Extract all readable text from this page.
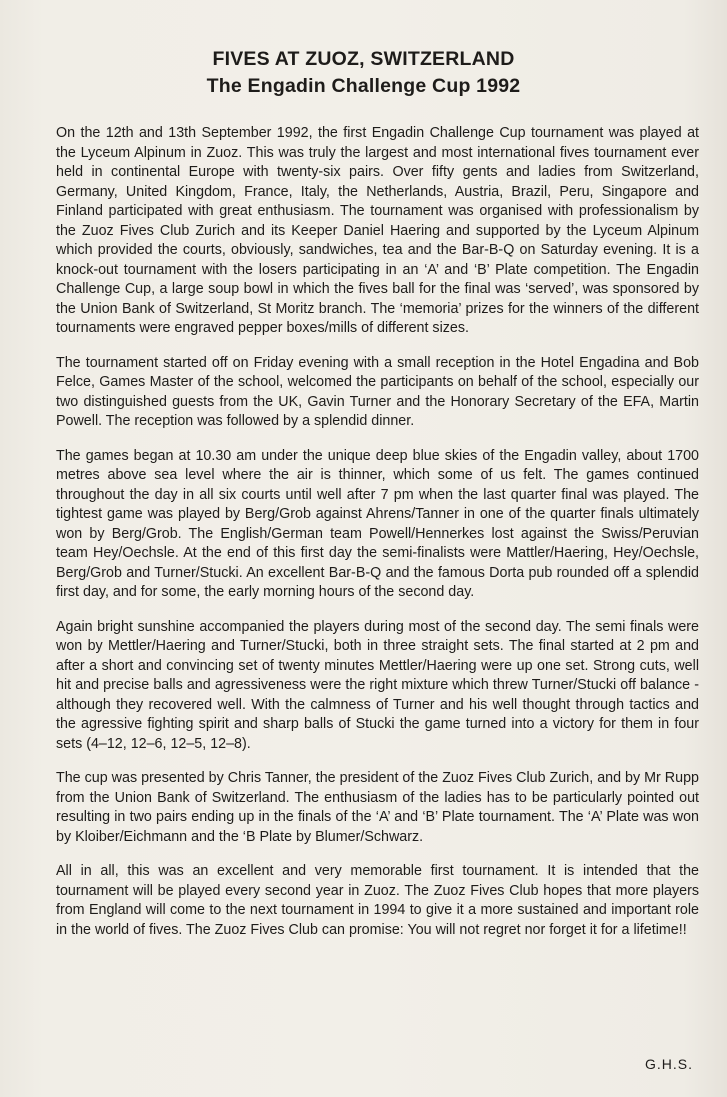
FIVES AT ZUOZ, SWITZERLAND
The Engadin Challenge Cup 1992

On the 12th and 13th September 1992, the first Engadin Challenge Cup tournament was played at the Lyceum Alpinum in Zuoz. This was truly the largest and most international fives tournament ever held in continental Europe with twenty-six pairs. Over fifty gents and ladies from Switzerland, Germany, United Kingdom, France, Italy, the Netherlands, Austria, Brazil, Peru, Singapore and Finland participated with great enthusiasm. The tournament was organised with professionalism by the Zuoz Fives Club Zurich and its Keeper Daniel Haering and supported by the Lyceum Alpinum which provided the courts, obviously, sandwiches, tea and the Bar-B-Q on Saturday evening. It is a knock-out tournament with the losers participating in an ‘A’ and ‘B’ Plate competition. The Engadin Challenge Cup, a large soup bowl in which the fives ball for the final was ‘served’, was sponsored by the Union Bank of Switzerland, St Moritz branch. The ‘memoria’ prizes for the winners of the different tournaments were engraved pepper boxes/mills of different sizes.

The tournament started off on Friday evening with a small reception in the Hotel Engadina and Bob Felce, Games Master of the school, welcomed the participants on behalf of the school, especially our two distinguished guests from the UK, Gavin Turner and the Honorary Secretary of the EFA, Martin Powell. The reception was followed by a splendid dinner.

The games began at 10.30 am under the unique deep blue skies of the Engadin valley, about 1700 metres above sea level where the air is thinner, which some of us felt. The games continued throughout the day in all six courts until well after 7 pm when the last quarter final was played. The tightest game was played by Berg/Grob against Ahrens/Tanner in one of the quarter finals ultimately won by Berg/Grob. The English/German team Powell/Hennerkes lost against the Swiss/Peruvian team Hey/Oechsle. At the end of this first day the semi-finalists were Mattler/Haering, Hey/Oechsle, Berg/Grob and Turner/Stucki. An excellent Bar-B-Q and the famous Dorta pub rounded off a splendid first day, and for some, the early morning hours of the second day.

Again bright sunshine accompanied the players during most of the second day. The semi finals were won by Mettler/Haering and Turner/Stucki, both in three straight sets. The final started at 2 pm and after a short and convincing set of twenty minutes Mettler/Haering were up one set. Strong cuts, well hit and precise balls and agressiveness were the right mixture which threw Turner/Stucki off balance - although they recovered well. With the calmness of Turner and his well thought through tactics and the agressive fighting spirit and sharp balls of Stucki the game turned into a victory for them in four sets (4–12, 12–6, 12–5, 12–8).

The cup was presented by Chris Tanner, the president of the Zuoz Fives Club Zurich, and by Mr Rupp from the Union Bank of Switzerland. The enthusiasm of the ladies has to be particularly pointed out resulting in two pairs ending up in the finals of the ‘A’ and ‘B’ Plate tournament. The ‘A’ Plate was won by Kloiber/Eichmann and the ‘B Plate by Blumer/Schwarz.

All in all, this was an excellent and very memorable first tournament. It is intended that the tournament will be played every second year in Zuoz. The Zuoz Fives Club hopes that more players from England will come to the next tournament in 1994 to give it a more sustained and important role in the world of fives. The Zuoz Fives Club can promise: You will not regret nor forget it for a lifetime!!

G.H.S.
